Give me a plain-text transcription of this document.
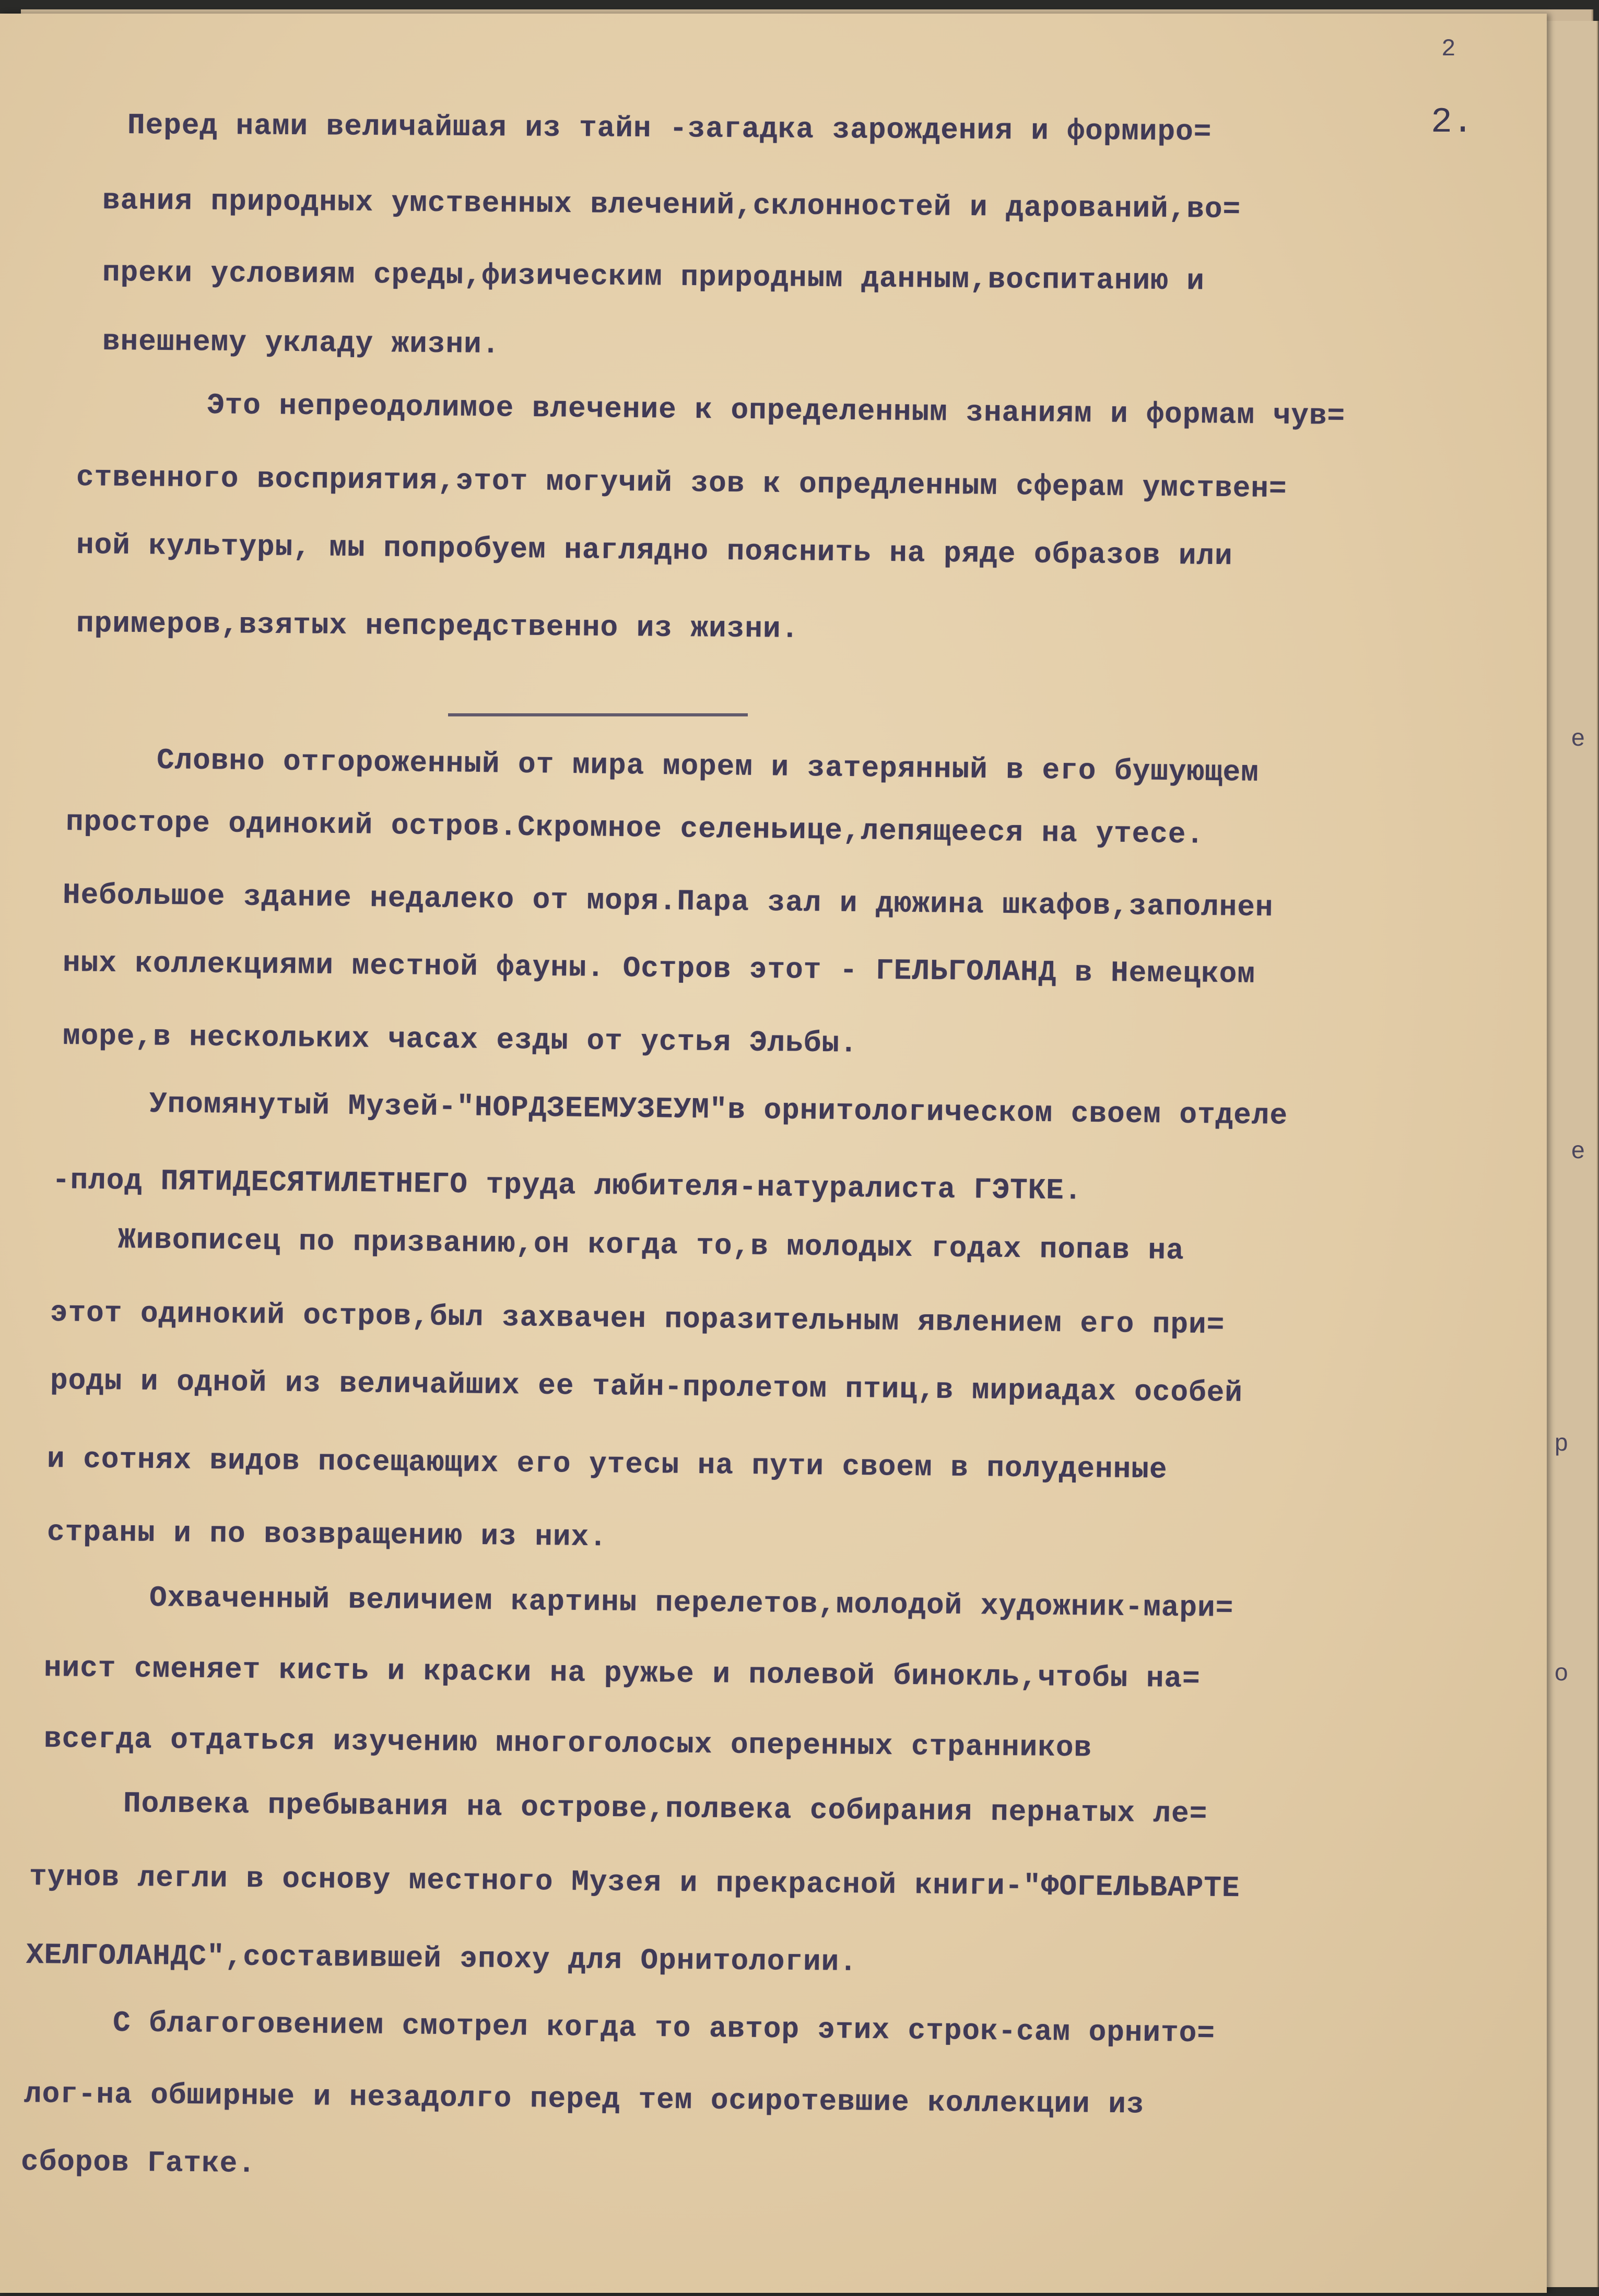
2.
Перед нами величайшая из тайн -загадка зарождения и формиро=
вания природных умственных влечений,склонностей и дарований,во=
преки условиям среды,физическим природным данным,воспитанию и
внешнему укладу жизни.
Это непреодолимое влечение к определенным знаниям и формам чув=
ственного восприятия,этот могучий зов к опредленным сферам умствен=
ной культуры, мы попробуем наглядно пояснить на ряде образов или
примеров,взятых непсредственно из жизни.
Словно отгороженный от мира морем и затерянный в его бушующем
просторе одинокий остров.Скромное селеньице,лепящееся на утесе.
Небольшое здание недалеко от моря.Пара зал и дюжина шкафов,заполнен
ных коллекциями местной фауны. Остров этот - ГЕЛЬГОЛАНД в Немецком
море,в нескольких часах езды от устья Эльбы.
Упомянутый Музей-"НОРДЗЕЕМУЗЕУМ"в орнитологическом своем отделе
-плод ПЯТИДЕСЯТИЛЕТНЕГО труда любителя-натуралиста ГЭТКЕ.
Живописец по призванию,он когда то,в молодых годах попав на
этот одинокий остров,был захвачен поразительным явлением его при=
роды и одной из величайших ее тайн-пролетом птиц,в мириадах особей
и сотнях видов посещающих его утесы на пути своем в полуденные
страны и по возвращению из них.
Охваченный величием картины перелетов,молодой художник-мари=
нист сменяет кисть и краски на ружье и полевой бинокль,чтобы на=
всегда отдаться изучению многоголосых оперенных странников
Полвека пребывания на острове,полвека собирания пернатых ле=
тунов легли в основу местного Музея и прекрасной книги-"ФОГЕЛЬВАРТЕ
ХЕЛГОЛАНДС",составившей эпоху для Орнитологии.
С благоговением смотрел когда то автор этих строк-сам орнито=
лог-на обширные и незадолго перед тем осиротевшие коллекции из
сборов Гатке.
2
e
е
р
о
